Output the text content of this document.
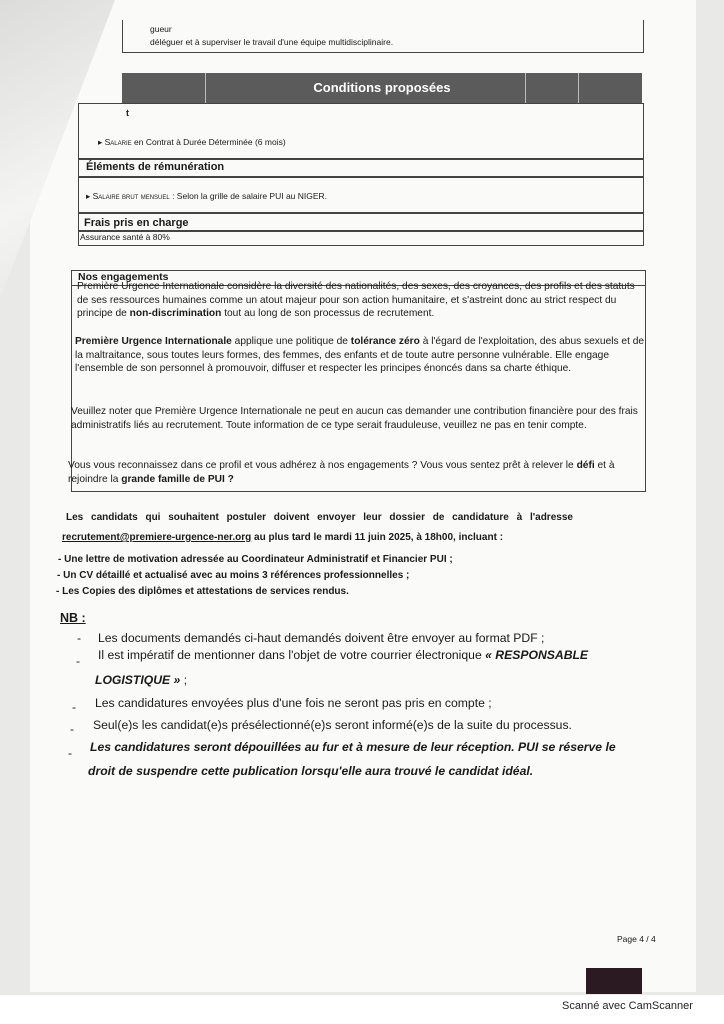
gueur
déléguer et à superviser le travail d'une équipe multidisciplinaire.
Conditions proposées
t
▸ Salarie en Contrat à Durée Déterminée (6 mois)
Éléments de rémunération
▸ Salaire brut mensuel : Selon la grille de salaire PUI au NIGER.
Frais pris en charge
Assurance santé à 80%
Nos engagements
Première Urgence Internationale considère la diversité des nationalités, des sexes, des croyances, des profils et des statuts de ses ressources humaines comme un atout majeur pour son action humanitaire, et s'astreint donc au strict respect du principe de non-discrimination tout au long de son processus de recrutement.
Première Urgence Internationale applique une politique de tolérance zéro à l'égard de l'exploitation, des abus sexuels et de la maltraitance, sous toutes leurs formes, des femmes, des enfants et de toute autre personne vulnérable. Elle engage l'ensemble de son personnel à promouvoir, diffuser et respecter les principes énoncés dans sa charte éthique.
Veuillez noter que Première Urgence Internationale ne peut en aucun cas demander une contribution financière pour des frais administratifs liés au recrutement. Toute information de ce type serait frauduleuse, veuillez ne pas en tenir compte.
Vous vous reconnaissez dans ce profil et vous adhérez à nos engagements ? Vous vous sentez prêt à relever le défi et à rejoindre la grande famille de PUI ?
Les candidats qui souhaitent postuler doivent envoyer leur dossier de candidature à l'adresse
recrutement@premiere-urgence-ner.org au plus tard le mardi 11 juin 2025, à 18h00, incluant :
- Une lettre de motivation adressée au Coordinateur Administratif et Financier PUI ;
- Un CV détaillé et actualisé avec au moins 3 références professionnelles ;
- Les Copies des diplômes et attestations de services rendus.
NB :
- Les documents demandés ci-haut demandés doivent être envoyer au format PDF ;
- Il est impératif de mentionner dans l'objet de votre courrier électronique « RESPONSABLE
LOGISTIQUE » ;
- Les candidatures envoyées plus d'une fois ne seront pas pris en compte ;
- Seul(e)s les candidat(e)s présélectionné(e)s seront informé(e)s de la suite du processus.
- Les candidatures seront dépouillées au fur et à mesure de leur réception. PUI se réserve le
droit de suspendre cette publication lorsqu'elle aura trouvé le candidat idéal.
Page 4 / 4
Scanné avec CamScanner
